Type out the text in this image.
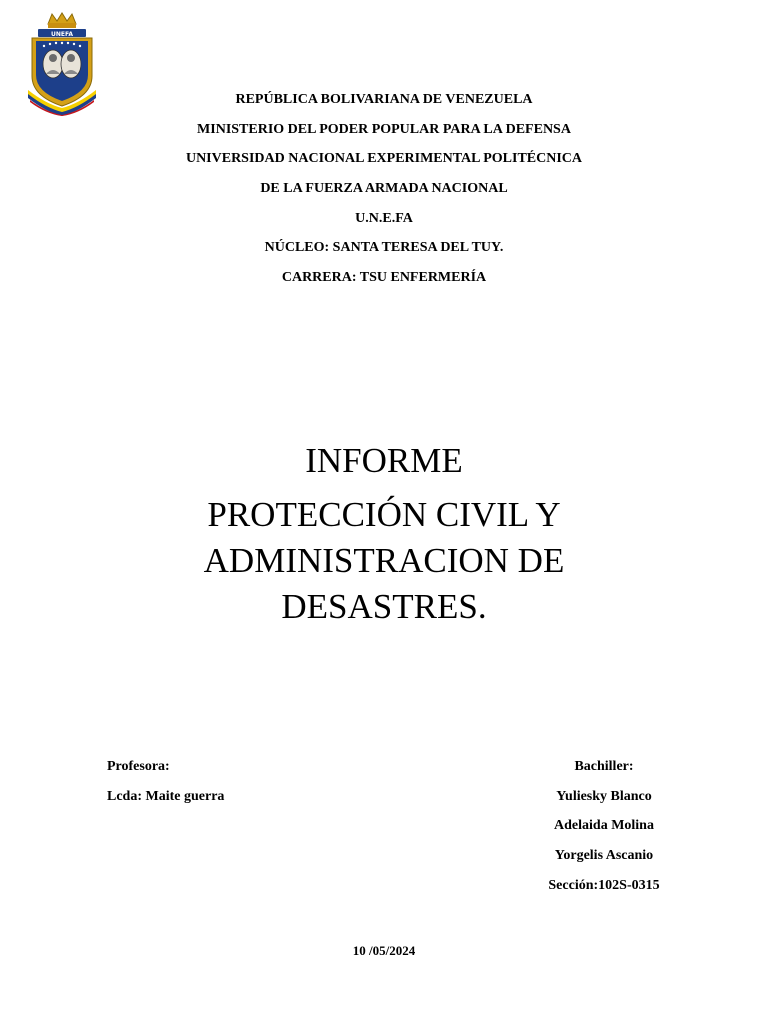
UNEFA
REPÚBLICA BOLIVARIANA DE VENEZUELA
MINISTERIO DEL PODER POPULAR PARA LA DEFENSA
UNIVERSIDAD NACIONAL EXPERIMENTAL POLITÉCNICA
DE LA FUERZA ARMADA NACIONAL
U.N.E.FA
NÚCLEO: SANTA TERESA DEL TUY.
CARRERA: TSU ENFERMERÍA
INFORME
PROTECCIÓN CIVIL Y
ADMINISTRACION DE
DESASTRES.
Profesora:
Lcda: Maite guerra
Bachiller:
Yuliesky Blanco
Adelaida Molina
Yorgelis Ascanio
Sección:102S-0315
10 /05/2024
